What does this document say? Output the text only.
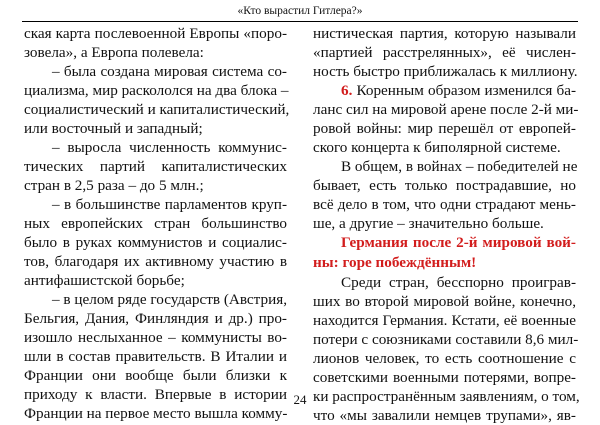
«Кто вырастил Гитлера?»
ская карта послевоенной Европы «поро-
зовела», а Европа полевела:
– была создана мировая система со-
циализма, мир раскололся на два блока –
социалистический и капиталистический,
или восточный и западный;
– выросла численность коммунис-
тических партий капиталистических
стран в 2,5 раза – до 5 млн.;
– в большинстве парламентов круп-
ных европейских стран большинство
было в руках коммунистов и социалис-
тов, благодаря их активному участию в
антифашистской борьбе;
– в целом ряде государств (Австрия,
Бельгия, Дания, Финляндия и др.) про-
изошло неслыханное – коммунисты во-
шли в состав правительств. В Италии и
Франции они вообще были близки к
приходу к власти. Впервые в истории
Франции на первое место вышла комму-
нистическая партия, которую называли
«партией расстрелянных», её числен-
ность быстро приближалась к миллиону.
6. Коренным образом изменился ба-
ланс сил на мировой арене после 2-й ми-
ровой войны: мир перешёл от европей-
ского концерта к биполярной системе.
В общем, в войнах – победителей не
бывает, есть только пострадавшие, но
всё дело в том, что одни страдают мень-
ше, а другие – значительно больше.
Германия после 2-й мировой вой-
ны: горе побеждённым!
Среди стран, бесспорно проиграв-
ших во второй мировой войне, конечно,
находится Германия. Кстати, её военные
потери с союзниками составили 8,6 мил-
лионов человек, то есть соотношение с
советскими военными потерями, вопре-
ки распространённым заявлениям, о том,
что «мы завалили немцев трупами», яв-
24
